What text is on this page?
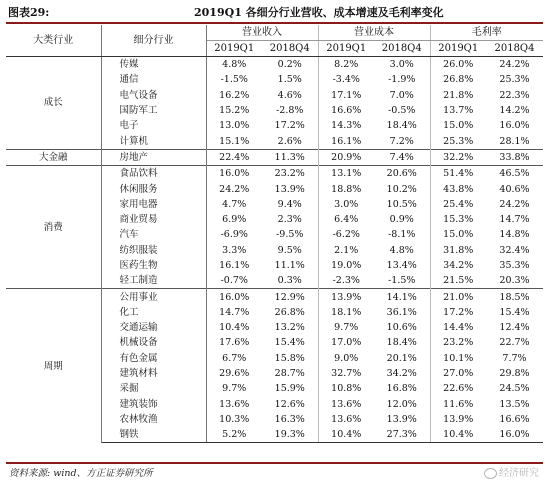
图表29:	2019Q1 各细分行业营收、成本增速及毛利率变化
大类行业	细分行业	营业收入		营业成本		毛利率	
		2019Q1	2018Q4	2019Q1	2018Q4	2019Q1	2018Q4
成长	传媒	4.8%	0.2%	8.2%	3.0%	26.0%	24.2%
	通信	-1.5%	1.5%	-3.4%	-1.9%	26.8%	25.3%
	电气设备	16.2%	4.6%	17.1%	7.0%	21.8%	22.3%
	国防军工	15.2%	-2.8%	16.6%	-0.5%	13.7%	14.2%
	电子	13.0%	17.2%	14.3%	18.4%	15.0%	16.0%
	计算机	15.1%	2.6%	16.1%	7.2%	25.3%	28.1%
大金融	房地产	22.4%	11.3%	20.9%	7.4%	32.2%	33.8%
消费	食品饮料	16.0%	23.2%	13.1%	20.6%	51.4%	46.5%
	休闲服务	24.2%	13.9%	18.8%	10.2%	43.8%	40.6%
	家用电器	4.7%	9.4%	3.0%	10.5%	25.4%	24.2%
	商业贸易	6.9%	2.3%	6.4%	0.9%	15.3%	14.7%
	汽车	-6.9%	-9.5%	-6.2%	-8.1%	15.0%	14.8%
	纺织服装	3.3%	9.5%	2.1%	4.8%	31.8%	32.4%
	医药生物	16.1%	11.1%	19.0%	13.4%	34.2%	35.3%
	轻工制造	-0.7%	0.3%	-2.3%	-1.5%	21.5%	20.3%
周期	公用事业	16.0%	12.9%	13.9%	14.1%	21.0%	18.5%
	化工	14.7%	26.8%	18.1%	36.1%	17.2%	15.4%
	交通运输	10.4%	13.2%	9.7%	10.6%	14.4%	12.4%
	机械设备	17.6%	15.4%	17.0%	18.4%	23.2%	22.7%
	有色金属	6.7%	15.8%	9.0%	20.1%	10.1%	7.7%
	建筑材料	29.6%	28.7%	32.7%	34.2%	27.0%	29.8%
	采掘	9.7%	15.9%	10.8%	16.8%	22.6%	24.5%
	建筑装饰	13.6%	12.6%	13.6%	12.0%	11.6%	13.5%
	农林牧渔	10.3%	16.3%	13.6%	13.9%	13.9%	16.6%
	钢铁	5.2%	19.3%	10.4%	27.3%	10.4%	16.0%
资料来源: wind、方正证券研究所	经济研究
